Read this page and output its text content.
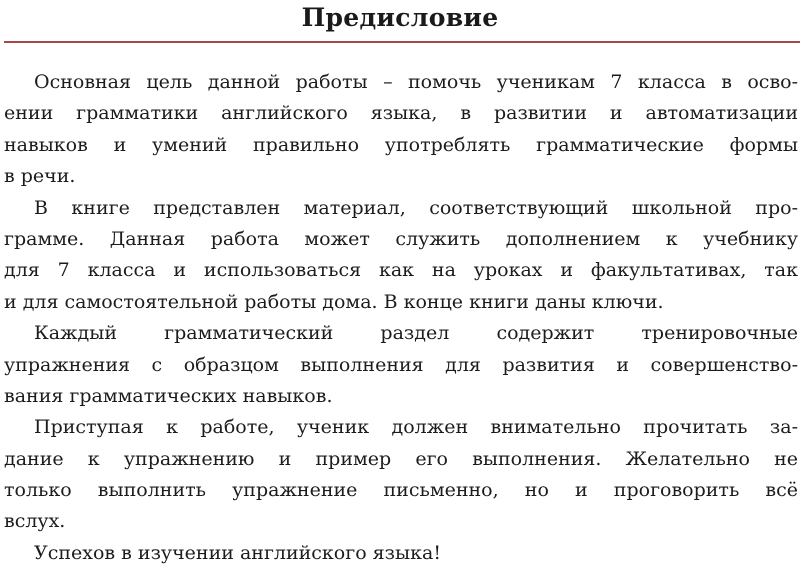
Предисловие
Основная цель данной работы – помочь ученикам 7 класса в осво-
ении грамматики английского языка, в развитии и автоматизации
навыков и умений правильно употреблять грамматические формы
в речи.
В книге представлен материал, соответствующий школьной про-
грамме. Данная работа может служить дополнением к учебнику
для 7 класса и использоваться как на уроках и факультативах, так
и для самостоятельной работы дома. В конце книги даны ключи.
Каждый грамматический раздел содержит тренировочные
упражнения с образцом выполнения для развития и совершенство-
вания грамматических навыков.
Приступая к работе, ученик должен внимательно прочитать за-
дание к упражнению и пример его выполнения. Желательно не
только выполнить упражнение письменно, но и проговорить всё
вслух.
Успехов в изучении английского языка!
